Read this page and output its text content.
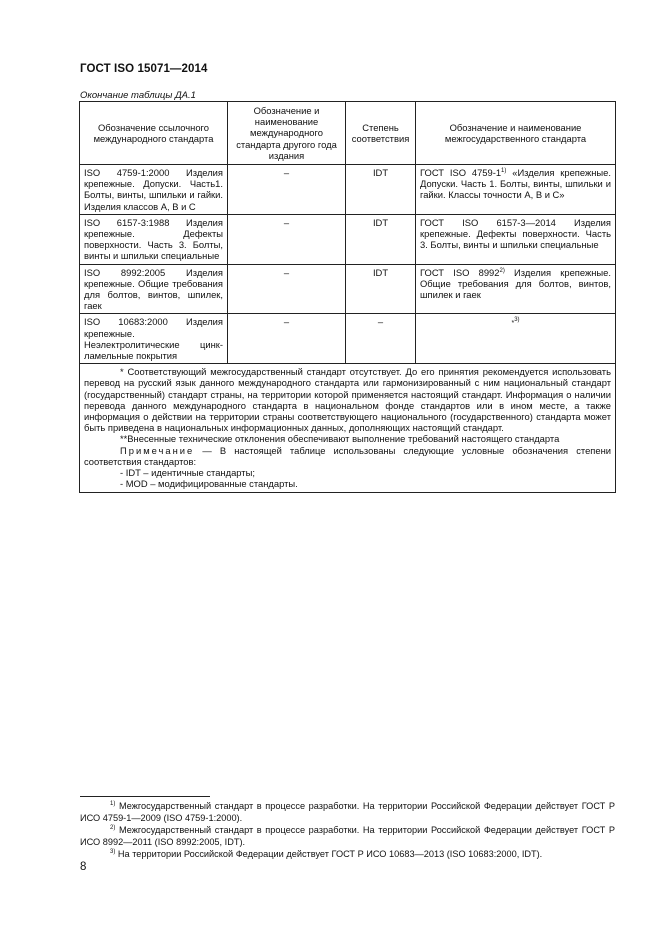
ГОСТ ISO 15071—2014
Окончание таблицы ДА.1
Обозначение ссылочного международного стандарта	Обозначение и наименование международного стандарта другого года издания	Степень соответствия	Обозначение и наименование межгосударственного стандарта
ISO 4759-1:2000 Изделия крепежные. Допуски. Часть1. Болты, винты, шпильки и гайки. Изделия классов А, В и С	–	IDT	ГОСТ ISO 4759-1$^{1)}$ «Изделия крепежные. Допуски. Часть 1. Болты, винты, шпильки и гайки. Классы точности А, В и С»
ISO 6157-3:1988 Изделия крепежные. Дефекты поверхности. Часть 3. Болты, винты и шпильки специальные	–	IDT	ГОСТ ISO 6157-3—2014 Изделия крепежные. Дефекты поверхности. Часть 3. Болты, винты и шпильки специальные
ISO 8992:2005 Изделия крепежные. Общие требования для болтов, винтов, шпилек, гаек	–	IDT	ГОСТ ISO 8992$^{2)}$ Изделия крепежные. Общие требования для болтов, винтов, шпилек и гаек
ISO 10683:2000 Изделия крепежные. Неэлектролитические цинк-ламельные покрытия	–	–	*$^{3)}$

* Соответствующий межгосударственный стандарт отсутствует. До его принятия рекомендуется использовать перевод на русский язык данного международного стандарта или гармонизированный с ним национальный стандарт (государственный) стандарт страны, на территории которой применяется настоящий стандарт. Информация о наличии перевода данного международного стандарта в национальном фонде стандартов или в ином месте, а также информация о действии на территории страны соответствующего национального (государственного) стандарта может быть приведена в национальных информационных данных, дополняющих настоящий стандарт.

**Внесенные технические отклонения обеспечивают выполнение требований настоящего стандарта

Примечание — В настоящей таблице использованы следующие условные обозначения степени соответствия стандартов:

- IDT – идентичные стандарты;

- MOD – модифицированные стандарты.			

$^{1)}$ Межгосударственный стандарт в процессе разработки. На территории Российской Федерации действует ГОСТ Р ИСО 4759-1—2009 (ISO 4759-1:2000).

$^{2)}$ Межгосударственный стандарт в процессе разработки. На территории Российской Федерации действует ГОСТ Р ИСО 8992—2011 (ISO 8992:2005, IDT).

$^{3)}$ На территории Российской Федерации действует ГОСТ Р ИСО 10683—2013 (ISO 10683:2000, IDT).

8
